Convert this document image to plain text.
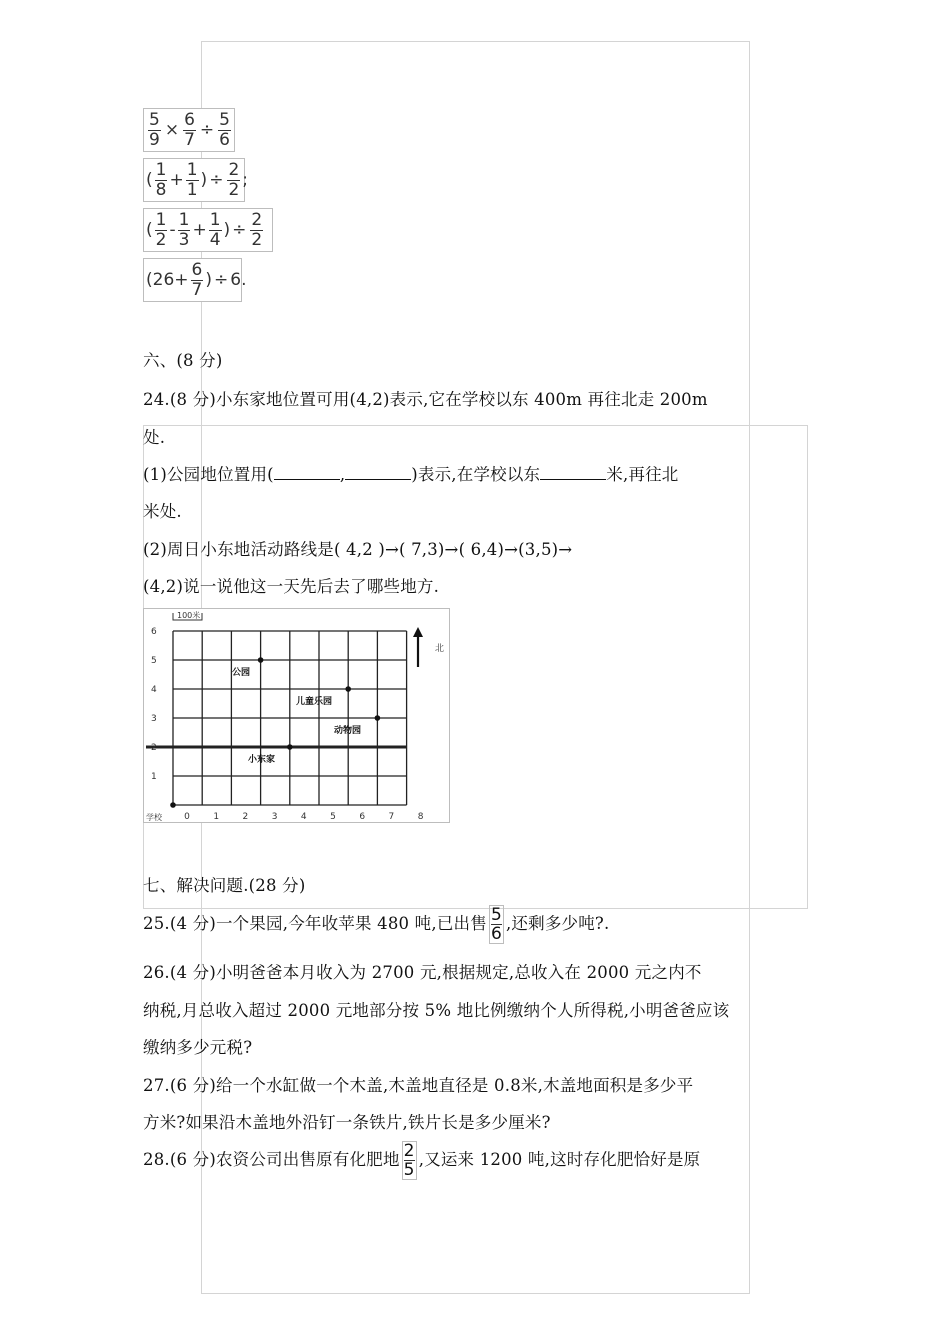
$\frac{5}{9} \times \frac{6}{7} \div \frac{5}{6}$
( $\frac{1}{8} + \frac{1}{1}$ ) ÷ $\frac{2}{2}$ ;
( $\frac{1}{2} - \frac{1}{3} + \frac{1}{4}$ ) ÷ $\frac{2}{2}$
($26+ \frac{6}{7}$ ) ÷ 6 .
六、(8 分)
24.(8 分)小东家地位置可用(4,2)表示,它在学校以东 400m 再往北走 200m
处.
(1)公园地位置用(	,	)表示,在学校以东	米,再往北
米处.
(2)周日小东地活动路线是( 4,2 )→( 7,3)→( 6,4)→(3,5)→
(4,2)说一说他这一天先后去了哪些地方.
0	1	2	3	4	5	6	7	8
1
2
3
4
5
6
100米
北
公园
儿童乐园
动物园
小东家
学校
七、解决问题.(28 分)
25.(4 分)一个果园,今年收苹果 480 吨,已出售 $\frac{5}{6}$ ,还剩多少吨?.
26.(4 分)小明爸爸本月收入为 2700 元,根据规定,总收入在 2000 元之内不
纳税,月总收入超过 2000 元地部分按 5% 地比例缴纳个人所得税,小明爸爸应该
缴纳多少元税?
27.(6 分)给一个水缸做一个木盖,木盖地直径是 0.8米,木盖地面积是多少平
方米?如果沿木盖地外沿钉一条铁片,铁片长是多少厘米?
28.(6 分)农资公司出售原有化肥地 $\frac{2}{5}$ ,又运来 1200 吨,这时存化肥恰好是原
